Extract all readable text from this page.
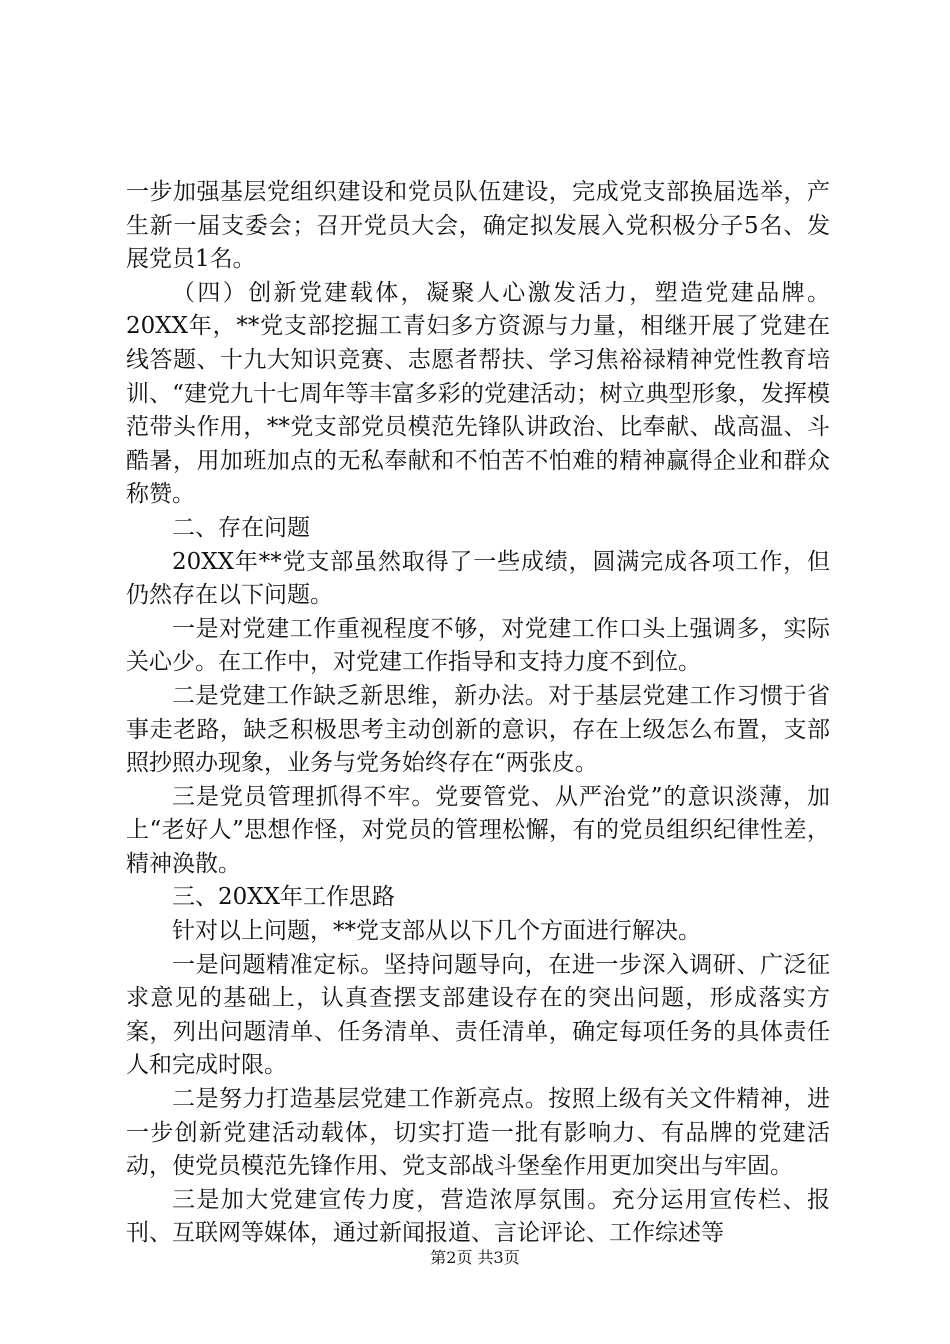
一步加强基层党组织建设和党员队伍建设，完成党支部换届选举，产生新一届支委会；召开党员大会，确定拟发展入党积极分子5名、发展党员1名。

（四）创新党建载体，凝聚人心激发活力，塑造党建品牌。20XX年，**党支部挖掘工青妇多方资源与力量，相继开展了党建在线答题、十九大知识竞赛、志愿者帮扶、学习焦裕禄精神党性教育培训、“建党九十七周年等丰富多彩的党建活动；树立典型形象，发挥模范带头作用，**党支部党员模范先锋队讲政治、比奉献、战高温、斗酷暑，用加班加点的无私奉献和不怕苦不怕难的精神赢得企业和群众称赞。

二、存在问题

20XX年**党支部虽然取得了一些成绩，圆满完成各项工作，但仍然存在以下问题。

一是对党建工作重视程度不够，对党建工作口头上强调多，实际关心少。在工作中，对党建工作指导和支持力度不到位。

二是党建工作缺乏新思维，新办法。对于基层党建工作习惯于省事走老路，缺乏积极思考主动创新的意识，存在上级怎么布置，支部照抄照办现象，业务与党务始终存在“两张皮。

三是党员管理抓得不牢。党要管党、从严治党”的意识淡薄，加上“老好人”思想作怪，对党员的管理松懈，有的党员组织纪律性差，精神涣散。

三、20XX年工作思路

针对以上问题，**党支部从以下几个方面进行解决。

一是问题精准定标。坚持问题导向，在进一步深入调研、广泛征求意见的基础上，认真查摆支部建设存在的突出问题，形成落实方案，列出问题清单、任务清单、责任清单，确定每项任务的具体责任人和完成时限。

二是努力打造基层党建工作新亮点。按照上级有关文件精神，进一步创新党建活动载体，切实打造一批有影响力、有品牌的党建活动，使党员模范先锋作用、党支部战斗堡垒作用更加突出与牢固。

三是加大党建宣传力度，营造浓厚氛围。充分运用宣传栏、报刊、互联网等媒体，通过新闻报道、言论评论、工作综述等

第2页 共3页
